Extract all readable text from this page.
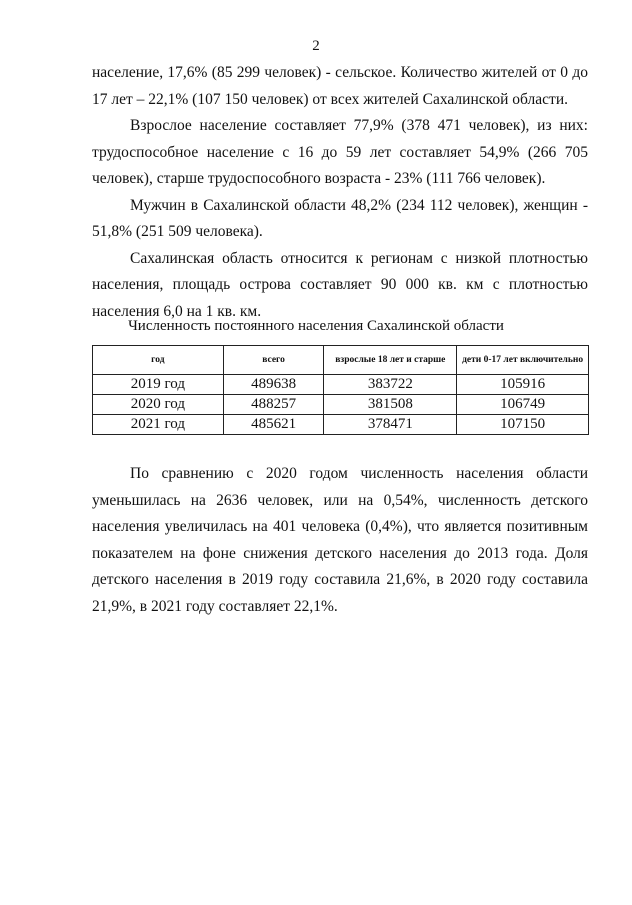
2

население, 17,6% (85 299 человек) - сельское. Количество жителей от 0 до 17 лет – 22,1% (107 150 человек) от всех жителей Сахалинской области.

Взрослое население составляет 77,9% (378 471 человек), из них: трудоспособное население с 16 до 59 лет составляет 54,9% (266 705 человек), старше трудоспособного возраста - 23% (111 766 человек).

Мужчин в Сахалинской области 48,2% (234 112 человек), женщин - 51,8% (251 509 человека).

Сахалинская область относится к регионам с низкой плотностью населения, площадь острова составляет 90 000 кв. км с плотностью населения 6,0 на 1 кв. км.

Численность постоянного населения Сахалинской области
год	всего	взрослые 18 лет и старше	дети 0-17 лет включительно
2019 год	489638	383722	105916
2020 год	488257	381508	106749
2021 год	485621	378471	107150

По сравнению с 2020 годом численность населения области уменьшилась на 2636 человек, или на 0,54%, численность детского населения увеличилась на 401 человека (0,4%), что является позитивным показателем на фоне снижения детского населения до 2013 года. Доля детского населения в 2019 году составила 21,6%, в 2020 году составила 21,9%, в 2021 году составляет 22,1%.
